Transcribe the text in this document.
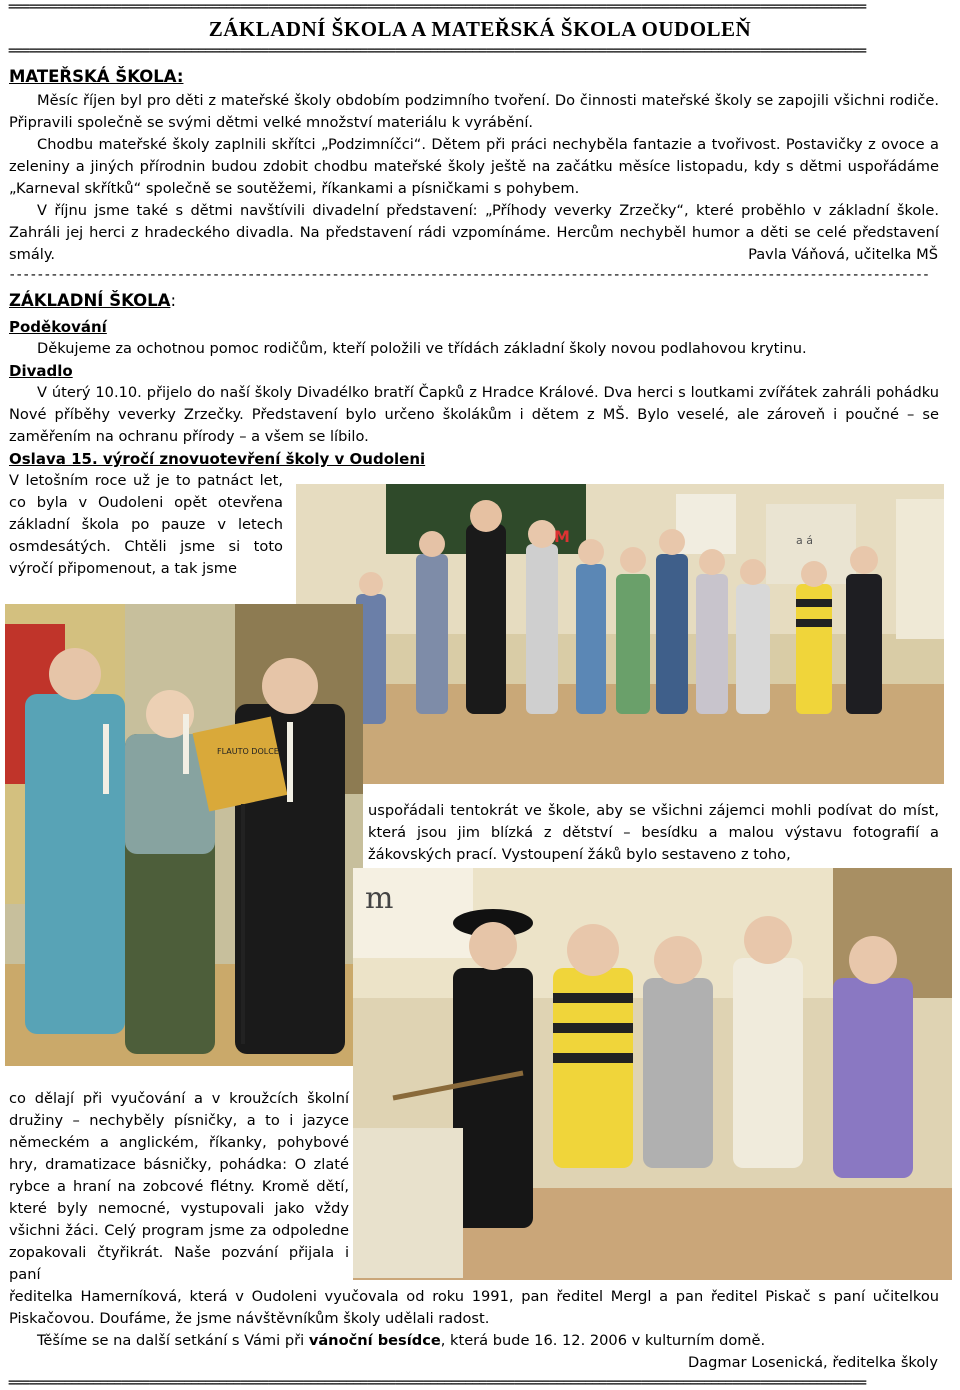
==========================================================================================================================
ZÁKLADNÍ ŠKOLA A MATEŘSKÁ ŠKOLA OUDOLEŇ
==========================================================================================================================
MATEŘSKÁ ŠKOLA:

Měsíc říjen byl pro děti z mateřské školy obdobím podzimního tvoření. Do činnosti mateřské školy se zapojili všichni rodiče. Připravili společně se svými dětmi velké množství materiálu k vyrábění.

Chodbu mateřské školy zaplnili skřítci „Podzimníčci“. Dětem při práci nechyběla fantazie a tvořivost. Postavičky z ovoce a zeleniny a jiných přírodnin budou zdobit chodbu mateřské školy ještě na začátku měsíce listopadu, kdy s dětmi uspořádáme „Karneval skřítků“ společně se soutěžemi, říkankami a písničkami s pohybem.

V říjnu jsme také s dětmi navštívili divadelní představení: „Příhody veverky Zrzečky“, které proběhlo v základní škole. Zahráli jej herci z hradeckého divadla. Na představení rádi vzpomínáme. Hercům nechyběl humor a děti se celé představení smály.	Pavla Váňová, učitelka MŠ
-----------------------------------------------------------------------------------------------------------------------------------
ZÁKLADNÍ ŠKOLA:
Poděkování
Děkujeme za ochotnou pomoc rodičům, kteří položili ve třídách základní školy novou podlahovou krytinu.
Divadlo
V úterý 10.10. přijelo do naší školy Divadélko bratří Čapků z Hradce Králové. Dva herci s loutkami zvířátek zahráli pohádku Nové příběhy veverky Zrzečky. Představení bylo určeno školákům i dětem z MŠ. Bylo veselé, ale zároveň i poučné – se zaměřením na ochranu přírody – a všem se líbilo.
Oslava 15. výročí znovuotevření školy v Oudoleni
V letošním roce už je to patnáct let, co byla v Oudoleni opět otevřena základní škola po pauze v letech osmdesátých. Chtěli jsme si toto výročí připomenout, a tak jsme
M	a á
FLAUTO DOLCE
uspořádali tentokrát ve škole, aby se všichni zájemci mohli podívat do míst, která jsou jim blízká z dětství – besídku a malou výstavu fotografií a žákovských prací. Vystoupení žáků bylo sestaveno z toho,
m
co dělají při vyučování a v kroužcích školní družiny – nechyběly písničky, a to i jazyce německém a anglickém, říkanky, pohybové hry, dramatizace básničky, pohádka: O zlaté rybce a hraní na zobcové flétny. Kromě dětí, které byly nemocné, vystupovali jako vždy všichni žáci. Celý program jsme za odpoledne zopakovali čtyřikrát. Naše pozvání přijala i paní
ředitelka Hamerníková, která v Oudoleni vyučovala od roku 1991, pan ředitel Mergl a pan ředitel Piskač s paní učitelkou Piskačovou. Doufáme, že jsme návštěvníkům školy udělali radost.
Těšíme se na další setkání s Vámi při vánoční besídce, která bude 16. 12. 2006 v kulturním domě.
Dagmar Losenická, ředitelka školy
==========================================================================================================================
